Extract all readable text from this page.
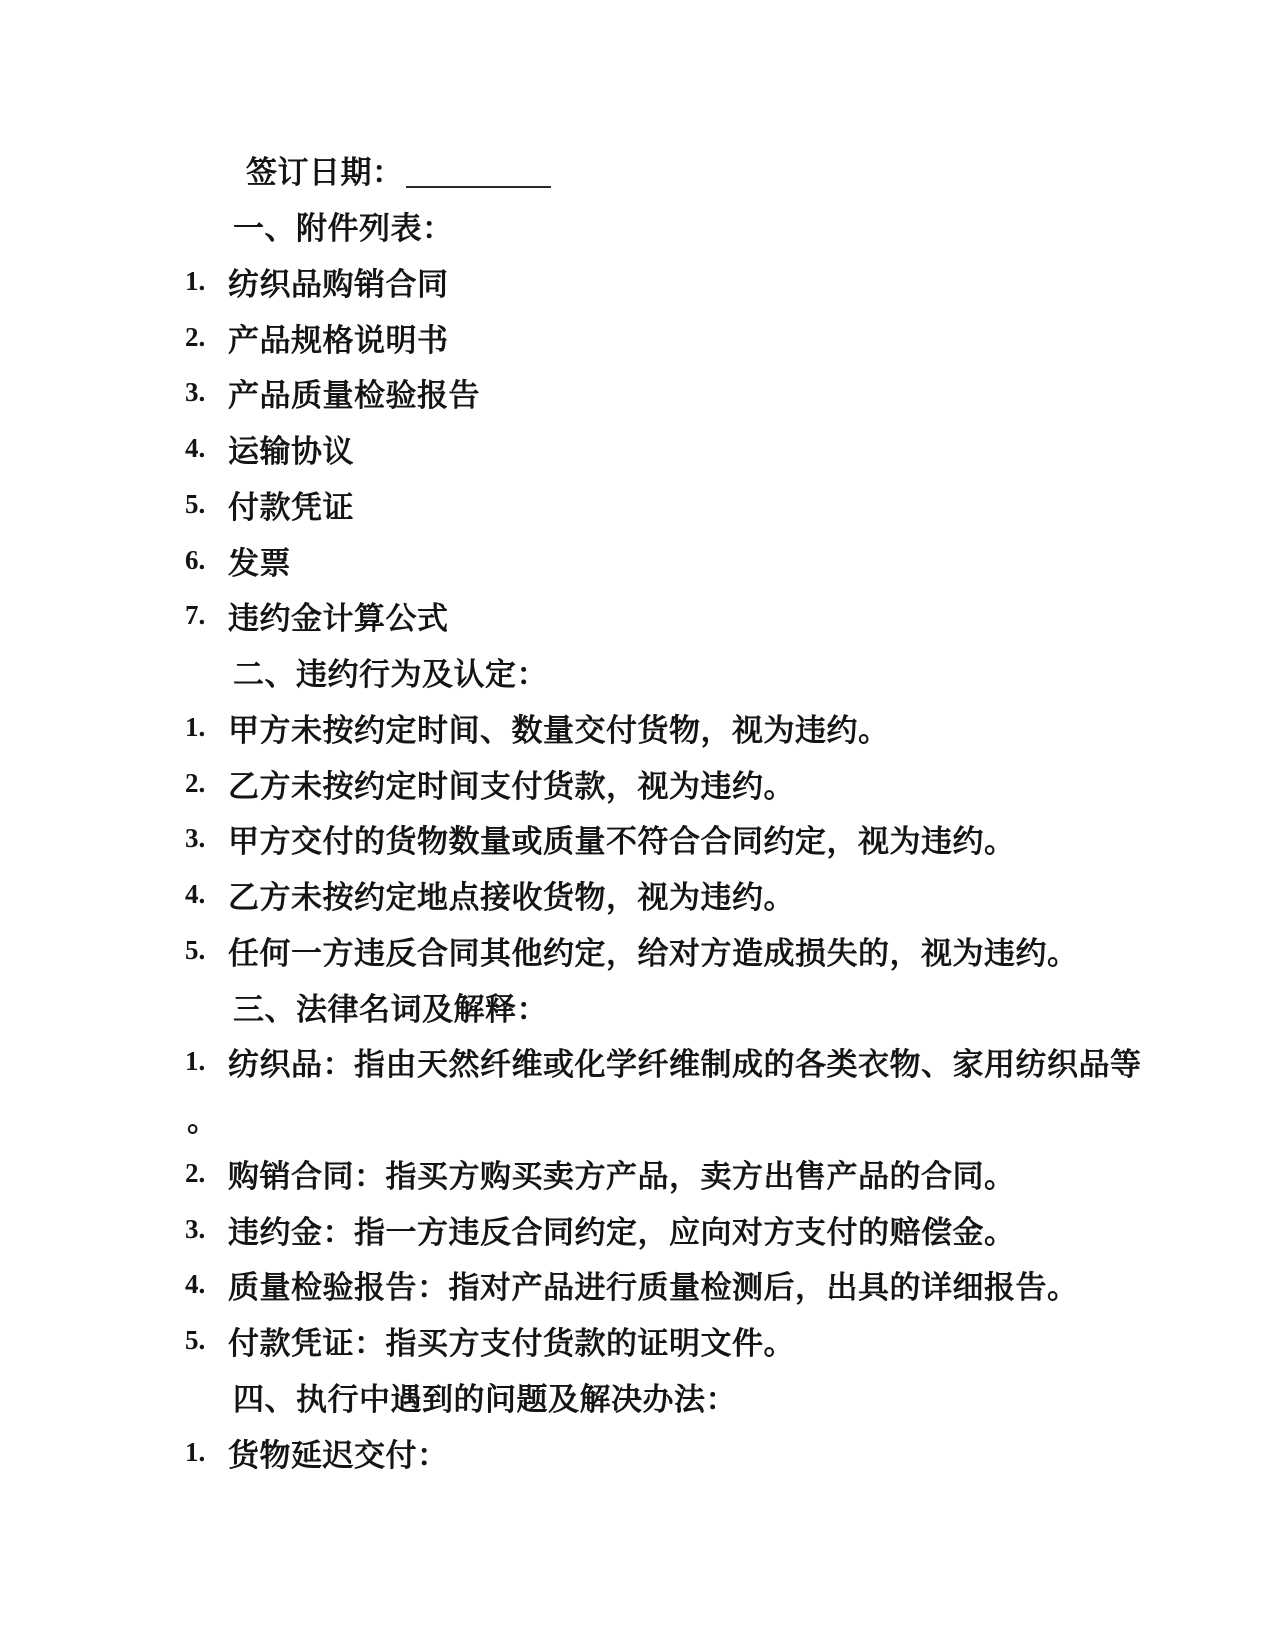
签订日期：
一、附件列表：
1. 纺织品购销合同
2. 产品规格说明书
3. 产品质量检验报告
4. 运输协议
5. 付款凭证
6. 发票
7. 违约金计算公式
二、违约行为及认定：
1. 甲方未按约定时间、数量交付货物，视为违约。
2. 乙方未按约定时间支付货款，视为违约。
3. 甲方交付的货物数量或质量不符合合同约定，视为违约。
4. 乙方未按约定地点接收货物，视为违约。
5. 任何一方违反合同其他约定，给对方造成损失的，视为违约。
三、法律名词及解释：
1. 纺织品：指由天然纤维或化学纤维制成的各类衣物、家用纺织品等
。
2. 购销合同：指买方购买卖方产品，卖方出售产品的合同。
3. 违约金：指一方违反合同约定，应向对方支付的赔偿金。
4. 质量检验报告：指对产品进行质量检测后，出具的详细报告。
5. 付款凭证：指买方支付货款的证明文件。
四、执行中遇到的问题及解决办法：
1. 货物延迟交付：
